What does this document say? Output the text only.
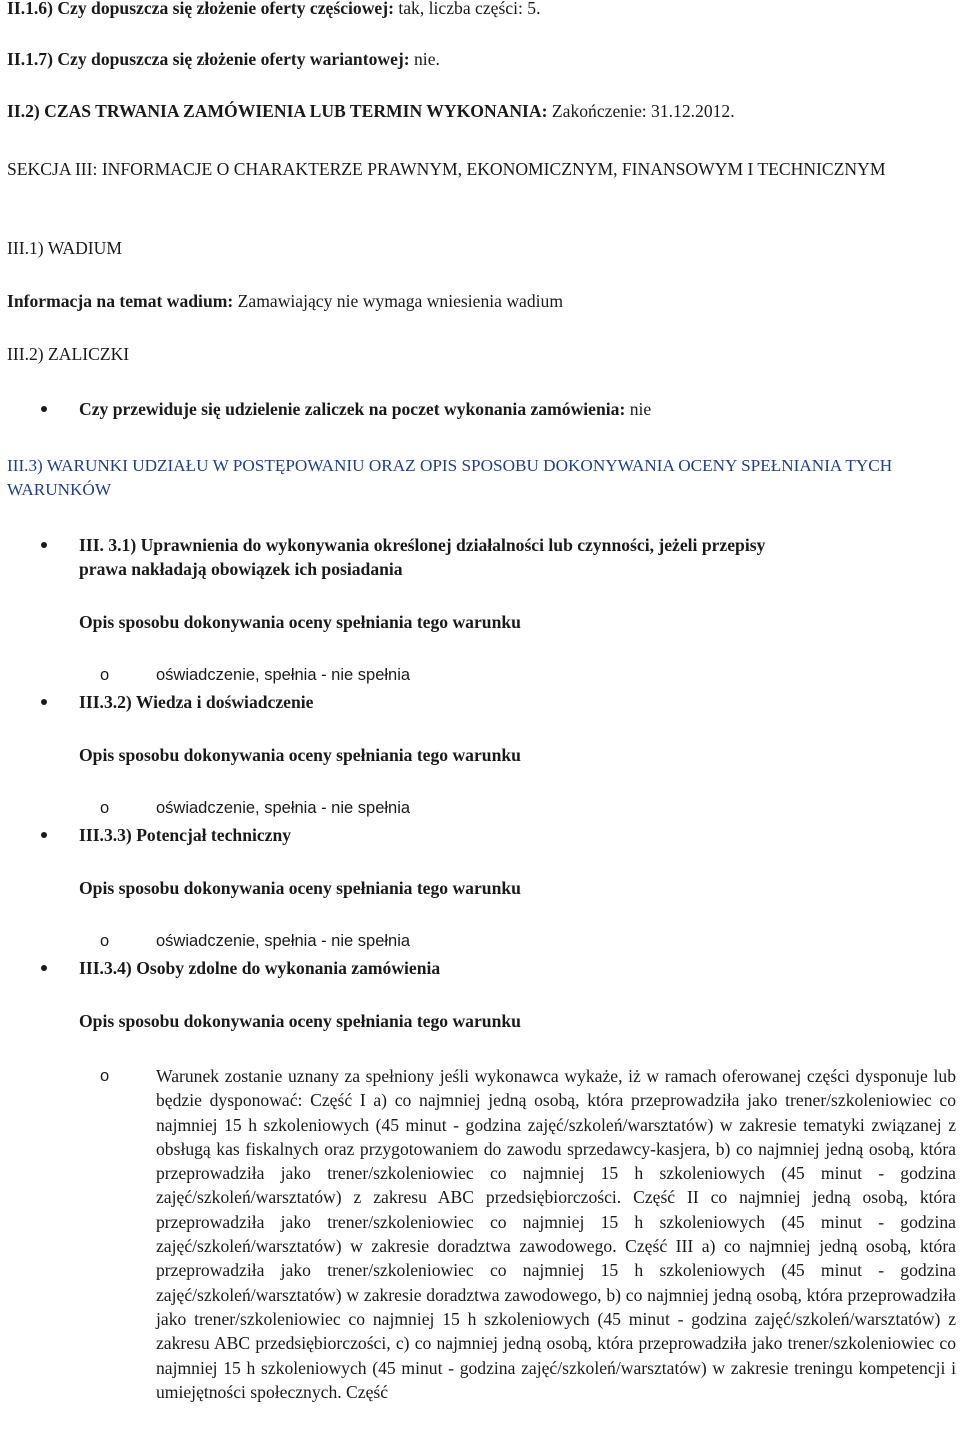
II.1.6) Czy dopuszcza się złożenie oferty częściowej: tak, liczba części: 5.
II.1.7) Czy dopuszcza się złożenie oferty wariantowej: nie.
II.2) CZAS TRWANIA ZAMÓWIENIA LUB TERMIN WYKONANIA: Zakończenie: 31.12.2012.
SEKCJA III: INFORMACJE O CHARAKTERZE PRAWNYM, EKONOMICZNYM, FINANSOWYM I TECHNICZNYM
III.1) WADIUM
Informacja na temat wadium: Zamawiający nie wymaga wniesienia wadium
III.2) ZALICZKI
Czy przewiduje się udzielenie zaliczek na poczet wykonania zamówienia: nie
III.3) WARUNKI UDZIAŁU W POSTĘPOWANIU ORAZ OPIS SPOSOBU DOKONYWANIA OCENY SPEŁNIANIA TYCH WARUNKÓW
III. 3.1) Uprawnienia do wykonywania określonej działalności lub czynności, jeżeli przepisy
prawa nakładają obowiązek ich posiadania
Opis sposobu dokonywania oceny spełniania tego warunku
o	oświadczenie, spełnia - nie spełnia
III.3.2) Wiedza i doświadczenie
Opis sposobu dokonywania oceny spełniania tego warunku
o	oświadczenie, spełnia - nie spełnia
III.3.3) Potencjał techniczny
Opis sposobu dokonywania oceny spełniania tego warunku
o	oświadczenie, spełnia - nie spełnia
III.3.4) Osoby zdolne do wykonania zamówienia
Opis sposobu dokonywania oceny spełniania tego warunku
o	Warunek zostanie uznany za spełniony jeśli wykonawca wykaże, iż w ramach oferowanej części dysponuje lub będzie dysponować: Część I a) co najmniej jedną osobą, która przeprowadziła jako trener/szkoleniowiec co najmniej 15 h szkoleniowych (45 minut - godzina zajęć/szkoleń/warsztatów) w zakresie tematyki związanej z obsługą kas fiskalnych oraz przygotowaniem do zawodu sprzedawcy-kasjera, b) co najmniej jedną osobą, która przeprowadziła jako trener/szkoleniowiec co najmniej 15 h szkoleniowych (45 minut - godzina zajęć/szkoleń/warsztatów) z zakresu ABC przedsiębiorczości. Część II co najmniej jedną osobą, która przeprowadziła jako trener/szkoleniowiec co najmniej 15 h szkoleniowych (45 minut - godzina zajęć/szkoleń/warsztatów) w zakresie doradztwa zawodowego. Część III a) co najmniej jedną osobą, która przeprowadziła jako trener/szkoleniowiec co najmniej 15 h szkoleniowych (45 minut - godzina zajęć/szkoleń/warsztatów) w zakresie doradztwa zawodowego, b) co najmniej jedną osobą, która przeprowadziła jako trener/szkoleniowiec co najmniej 15 h szkoleniowych (45 minut - godzina zajęć/szkoleń/warsztatów) z zakresu ABC przedsiębiorczości, c) co najmniej jedną osobą, która przeprowadziła jako trener/szkoleniowiec co najmniej 15 h szkoleniowych (45 minut - godzina zajęć/szkoleń/warsztatów) w zakresie treningu kompetencji i umiejętności społecznych. Część
